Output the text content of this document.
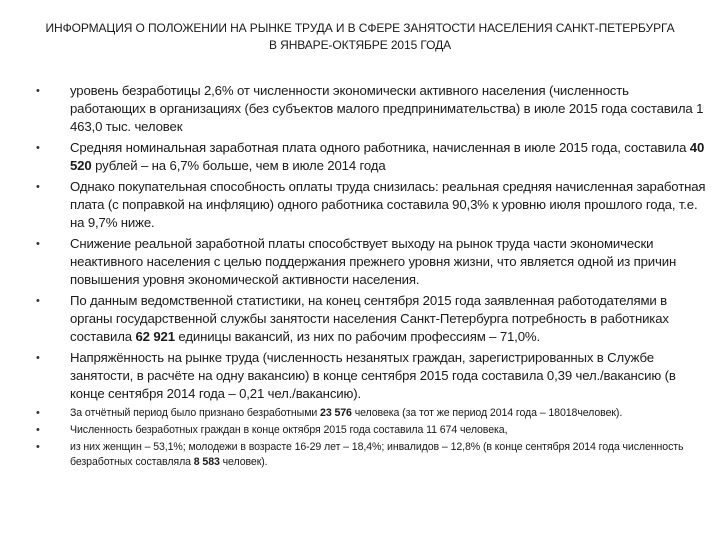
ИНФОРМАЦИЯ О ПОЛОЖЕНИИ НА РЫНКЕ ТРУДА И В СФЕРЕ ЗАНЯТОСТИ НАСЕЛЕНИЯ САНКТ-ПЕТЕРБУРГА
В ЯНВАРЕ-ОКТЯБРЕ 2015 ГОДА
• уровень безработицы 2,6% от численности экономически активного населения (численность работающих в организациях (без субъектов малого предпринимательства) в июле 2015 года составила 1 463,0 тыс. человек
• Средняя номинальная заработная плата одного работника, начисленная в июле 2015 года, составила 40 520 рублей – на 6,7% больше, чем в июле 2014 года
• Однако покупательная способность оплаты труда снизилась: реальная средняя начисленная заработная плата (с поправкой на инфляцию) одного работника составила 90,3% к уровню июля прошлого года, т.е. на 9,7% ниже.
• Снижение реальной заработной платы способствует выходу на рынок труда части экономически неактивного населения с целью поддержания прежнего уровня жизни, что является одной из причин повышения уровня экономической активности населения.
• По данным ведомственной статистики, на конец сентября 2015 года заявленная работодателями в органы государственной службы занятости населения Санкт-Петербурга потребность в работниках составила 62 921 единицы вакансий, из них по рабочим профессиям – 71,0%.
• Напряжённость на рынке труда (численность незанятых граждан, зарегистрированных в Службе занятости, в расчёте на одну вакансию) в конце сентября 2015 года составила 0,39 чел./вакансию (в конце сентября 2014 года – 0,21 чел./вакансию).
•	За отчётный период было признано безработными 23 576 человека (за тот же период 2014 года – 18018человек).
•	Численность безработных граждан в конце октября 2015 года составила 11 674 человека,
•	из них женщин – 53,1%; молодежи в возрасте 16-29 лет – 18,4%; инвалидов – 12,8% (в конце сентября 2014 года численность безработных составляла 8 583 человек).
